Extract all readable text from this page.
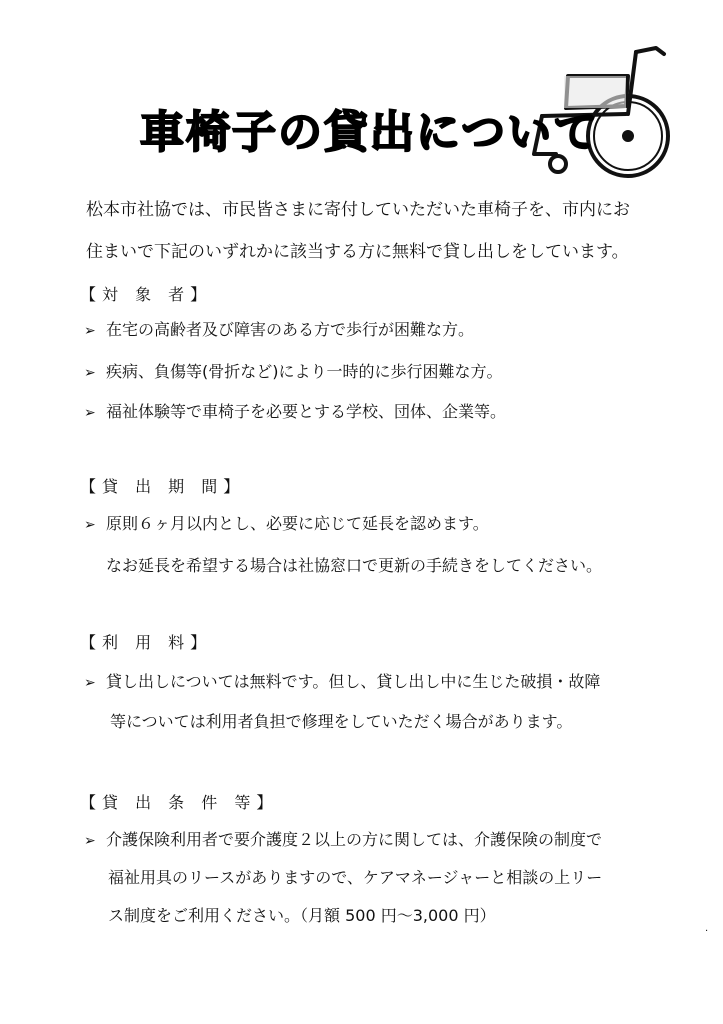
車椅子の貸出について
松本市社協では、市民皆さまに寄付していただいた車椅子を、市内にお
住まいで下記のいずれかに該当する方に無料で貸し出しをしています。
【対 象 者】
➢ 在宅の高齢者及び障害のある方で歩行が困難な方。
➢ 疾病、負傷等(骨折など)により一時的に歩行困難な方。
➢ 福祉体験等で車椅子を必要とする学校、団体、企業等。
【貸 出 期 間】
➢ 原則６ヶ月以内とし、必要に応じて延長を認めます。
なお延長を希望する場合は社協窓口で更新の手続きをしてください。
【利 用 料】
➢ 貸し出しについては無料です。但し、貸し出し中に生じた破損・故障
等については利用者負担で修理をしていただく場合があります。
【貸 出 条 件 等】
➢ 介護保険利用者で要介護度２以上の方に関しては、介護保険の制度で
福祉用具のリースがありますので、ケアマネージャーと相談の上リー
ス制度をご利用ください。（月額 500 円～3,000 円）
·
